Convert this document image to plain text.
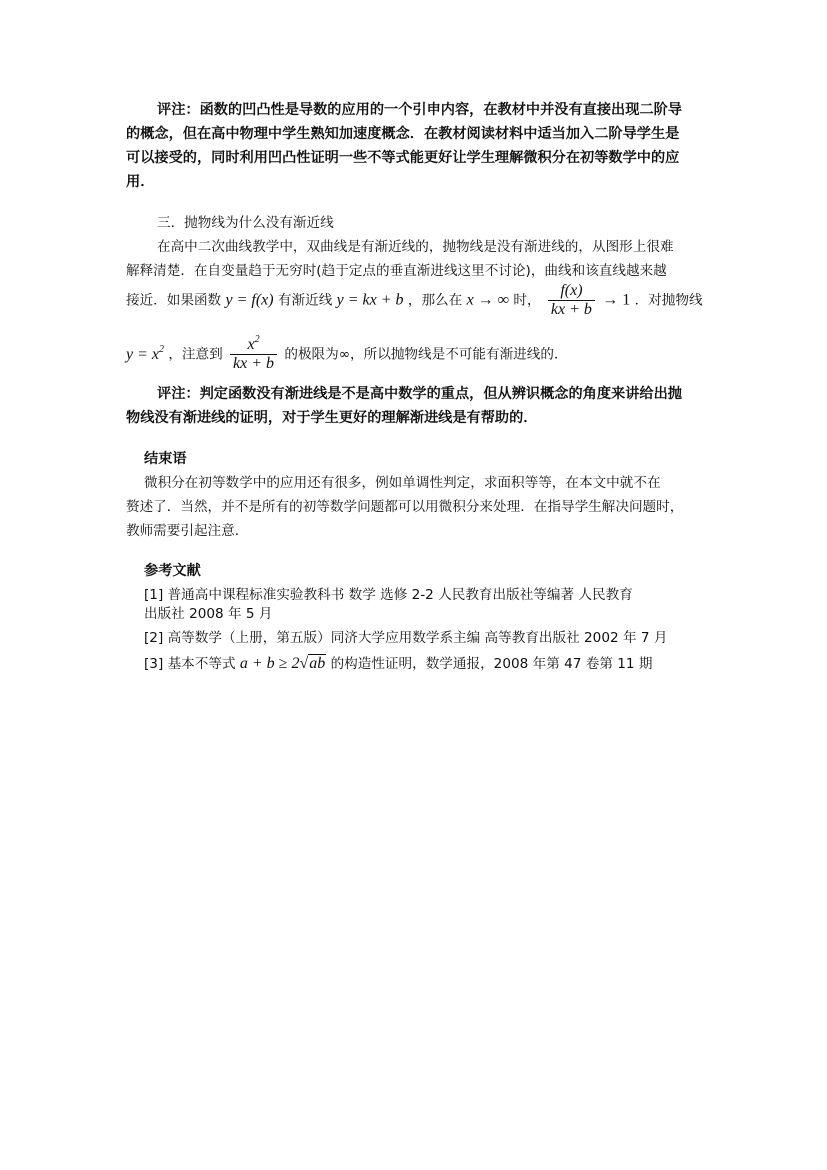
评注：函数的凹凸性是导数的应用的一个引申内容，在教材中并没有直接出现二阶导
的概念，但在高中物理中学生熟知加速度概念．在教材阅读材料中适当加入二阶导学生是
可以接受的，同时利用凹凸性证明一些不等式能更好让学生理解微积分在初等数学中的应
用．
三．抛物线为什么没有渐近线
在高中二次曲线教学中，双曲线是有渐近线的，抛物线是没有渐进线的，从图形上很难
解释清楚．在自变量趋于无穷时(趋于定点的垂直渐进线这里不讨论)，曲线和该直线越来越
接近．如果函数 y = f(x) 有渐近线 y = kx + b ，那么在 x → ∞ 时， $\frac{f(x)}{kx + b} \to 1$ ．对抛物线
$y = x^2$ ，注意到 $\frac{x^2}{kx + b}$ 的极限为∞，所以抛物线是不可能有渐进线的．
评注：判定函数没有渐进线是不是高中数学的重点，但从辨识概念的角度来讲给出抛
物线没有渐进线的证明，对于学生更好的理解渐进线是有帮助的．
结束语
微积分在初等数学中的应用还有很多，例如单调性判定，求面积等等，在本文中就不在
赘述了．当然，并不是所有的初等数学问题都可以用微积分来处理．在指导学生解决问题时，
教师需要引起注意．
参考文献
[1] 普通高中课程标准实验教科书 数学 选修 2-2 人民教育出版社等编著 人民教育
出版社 2008 年 5 月
[2] 高等数学（上册，第五版）同济大学应用数学系主编 高等教育出版社 2002 年 7 月
[3] 基本不等式 a + b ≥ 2√ab 的构造性证明，数学通报，2008 年第 47 卷第 11 期
